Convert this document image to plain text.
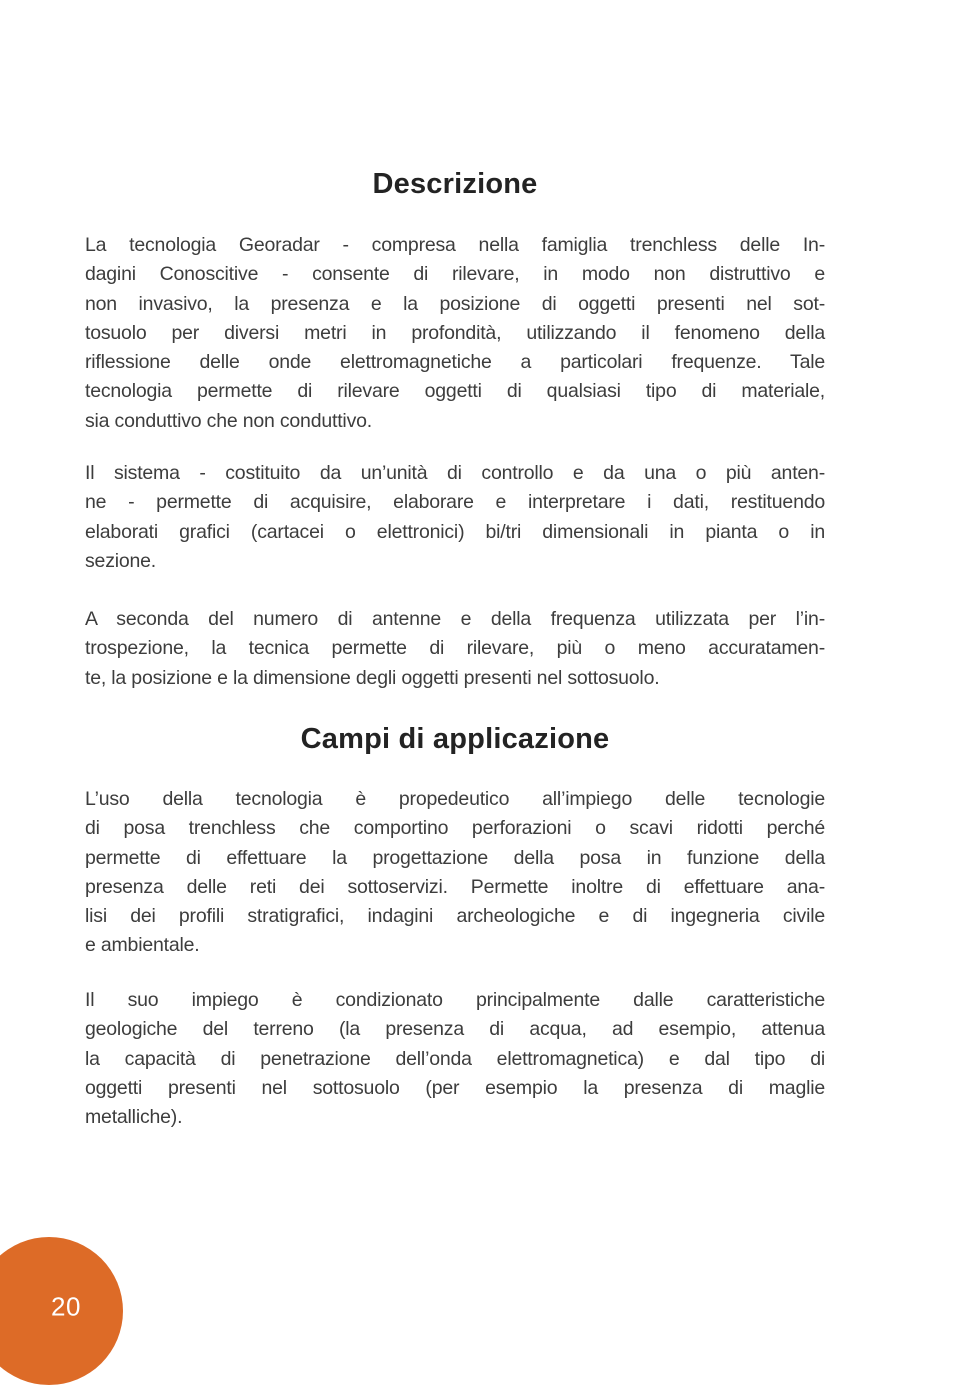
Descrizione
La tecnologia Georadar - compresa nella famiglia trenchless delle In-
dagini Conoscitive - consente di rilevare, in modo non distruttivo e
non invasivo, la presenza e la posizione di oggetti presenti nel sot-
tosuolo per diversi metri in profondità, utilizzando il fenomeno della
riflessione delle onde elettromagnetiche a particolari frequenze. Tale
tecnologia permette di rilevare oggetti di qualsiasi tipo di materiale,
sia conduttivo che non conduttivo.
Il sistema - costituito da un’unità di controllo e da una o più anten-
ne - permette di acquisire, elaborare e interpretare i dati, restituendo
elaborati grafici (cartacei o elettronici) bi/tri dimensionali in pianta o in
sezione.
A seconda del numero di antenne e della frequenza utilizzata per l’in-
trospezione, la tecnica permette di rilevare, più o meno accuratamen-
te, la posizione e la dimensione degli oggetti presenti nel sottosuolo.
Campi di applicazione
L’uso della tecnologia è propedeutico all’impiego delle tecnologie
di posa trenchless che comportino perforazioni o scavi ridotti perché
permette di effettuare la progettazione della posa in funzione della
presenza delle reti dei sottoservizi. Permette inoltre di effettuare ana-
lisi dei profili stratigrafici, indagini archeologiche e di ingegneria civile
e ambientale.
Il suo impiego è condizionato principalmente dalle caratteristiche
geologiche del terreno (la presenza di acqua, ad esempio, attenua
la capacità di penetrazione dell’onda elettromagnetica) e dal tipo di
oggetti presenti nel sottosuolo (per esempio la presenza di maglie
metalliche).
20
